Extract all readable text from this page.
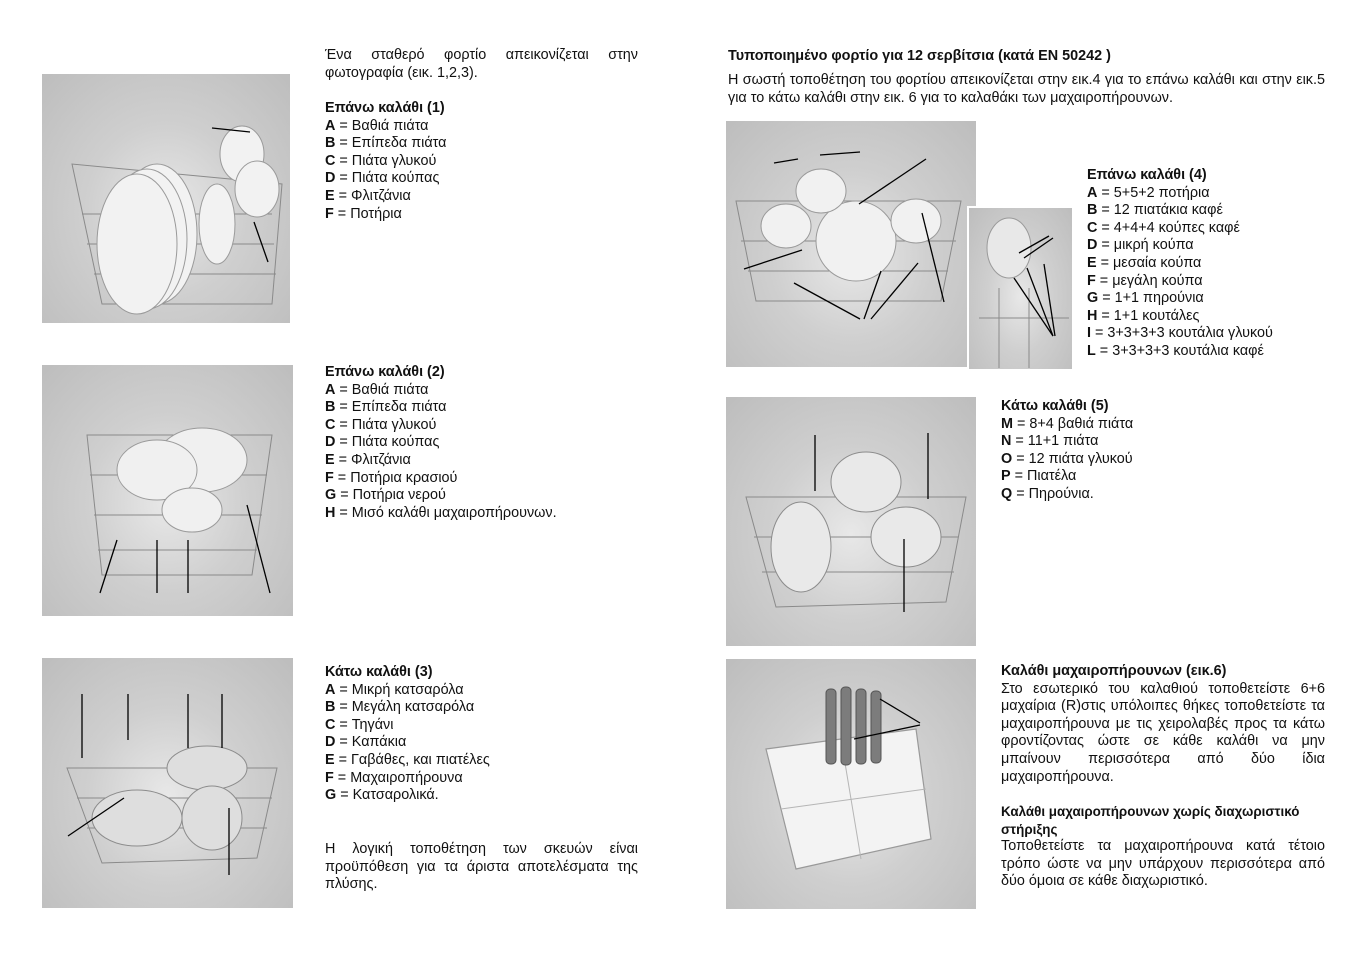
Ένα σταθερό φορτίο απεικονίζεται στην φωτογραφία (εικ. 1,2,3).
Επάνω καλάθι (1)
A = Βαθιά πιάτα
B = Επίπεδα πιάτα
C = Πιάτα γλυκού
D = Πιάτα κούπας
E = Φλιτζάνια
F = Ποτήρια
Επάνω καλάθι (2)
A = Βαθιά πιάτα
B = Επίπεδα πιάτα
C = Πιάτα γλυκού
D = Πιάτα κούπας
E = Φλιτζάνια
F = Ποτήρια κρασιού
G = Ποτήρια νερού
H = Μισό καλάθι μαχαιροπήρουνων.
Κάτω καλάθι (3)
A = Μικρή κατσαρόλα
B = Μεγάλη κατσαρόλα
C = Τηγάνι
D = Καπάκια
E = Γαβάθες, και πιατέλες
F = Μαχαιροπήρουνα
G = Κατσαρολικά.
Η λογική τοποθέτηση των σκευών είναι προϋπόθεση για τα άριστα αποτελέσματα της πλύσης.
Τυποποιημένο φορτίο για 12 σερβίτσια (κατά EN 50242 )
Η σωστή τοποθέτηση του φορτίου απεικονίζεται στην εικ.4 για το επάνω καλάθι και στην εικ.5 για το κάτω καλάθι στην εικ. 6 για το καλαθάκι των μαχαιροπήρουνων.
Επάνω καλάθι (4)
A = 5+5+2 ποτήρια
B = 12 πιατάκια καφέ
C = 4+4+4 κούπες καφέ
D = μικρή κούπα
E = μεσαία κούπα
F = μεγάλη κούπα
G = 1+1 πηρούνια
H = 1+1 κουτάλες
I = 3+3+3+3 κουτάλια γλυκού
L = 3+3+3+3 κουτάλια καφέ
Κάτω καλάθι (5)
M = 8+4 βαθιά πιάτα
N = 11+1 πιάτα
O = 12 πιάτα γλυκού
P = Πιατέλα
Q = Πηρούνια.
Καλάθι μαχαιροπήρουνων (εικ.6)
Στο εσωτερικό του καλαθιού τοποθετείστε 6+6 μαχαίρια (R)στις υπόλοιπες θήκες τοποθετείστε τα μαχαιροπήρουνα με τις χειρολαβές προς τα κάτω φροντίζοντας ώστε σε κάθε καλάθι να μην μπαίνουν περισσότερα από δύο ίδια μαχαιροπήρουνα.
Καλάθι μαχαιροπήρουνων χωρίς διαχωριστικό στήριξης
Τοποθετείστε τα μαχαιροπήρουνα κατά τέτοιο τρόπο ώστε να μην υπάρχουν περισσότερα από δύο όμοια σε κάθε διαχωριστικό.
